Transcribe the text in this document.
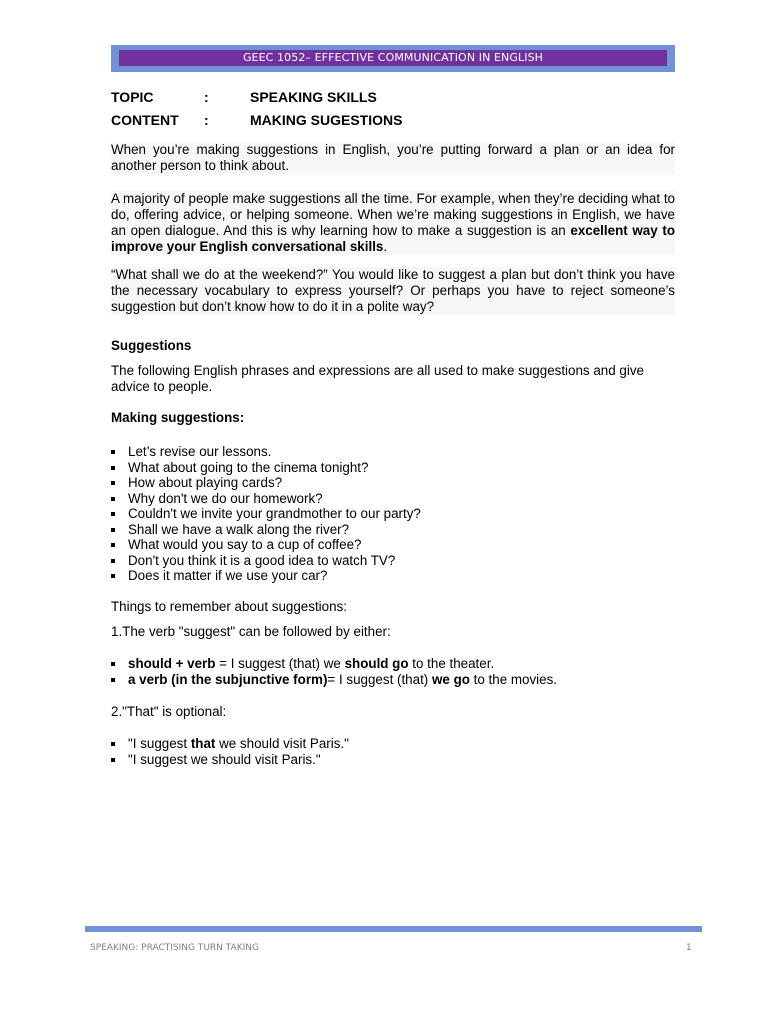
GEEC 1052– EFFECTIVE COMMUNICATION IN ENGLISH
TOPIC	:	SPEAKING SKILLS
CONTENT :	MAKING SUGESTIONS

When you’re making suggestions in English, you’re putting forward a plan or an idea for another person to think about.

A majority of people make suggestions all the time. For example, when they’re deciding what to do, offering advice, or helping someone. When we’re making suggestions in English, we have an open dialogue. And this is why learning how to make a suggestion is an excellent way to improve your English conversational skills.

“What shall we do at the weekend?” You would like to suggest a plan but don’t think you have the necessary vocabulary to express yourself? Or perhaps you have to reject someone’s suggestion but don’t know how to do it in a polite way?

Suggestions
The following English phrases and expressions are all used to make suggestions and give advice to people.
Making suggestions:
Let’s revise our lessons.
What about going to the cinema tonight?
How about playing cards?
Why don't we do our homework?
Couldn't we invite your grandmother to our party?
Shall we have a walk along the river?
What would you say to a cup of coffee?
Don't you think it is a good idea to watch TV?
Does it matter if we use your car?
Things to remember about suggestions:
1.The verb "suggest" can be followed by either:
should + verb = I suggest (that) we should go to the theater.
a verb (in the subjunctive form)= I suggest (that) we go to the movies.
2."That" is optional:
"I suggest that we should visit Paris."
"I suggest we should visit Paris."
SPEAKING: PRACTISING TURN TAKING	1
